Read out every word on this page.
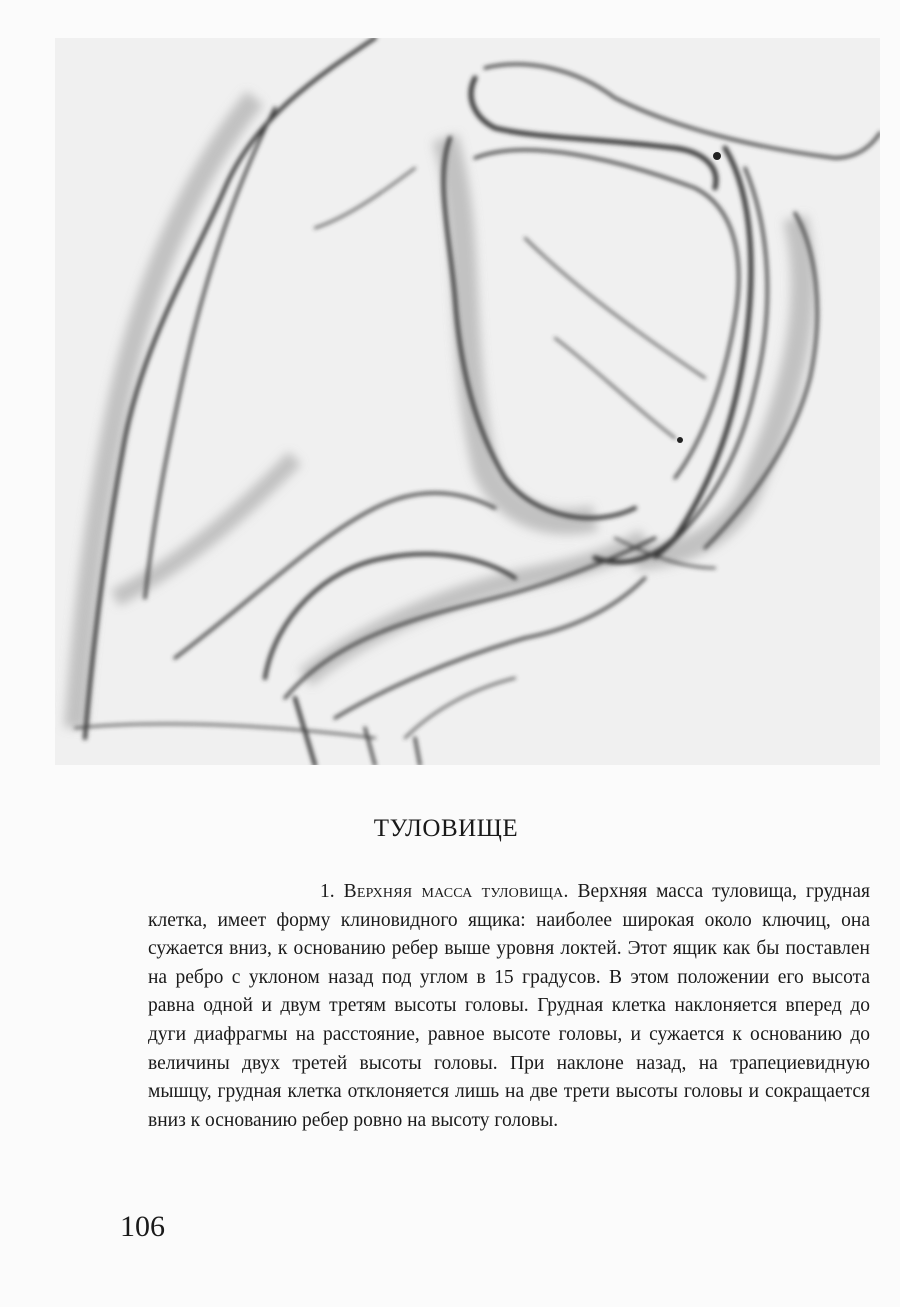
ТУЛОВИЩЕ

1. Верхняя масса туловища. Верхняя масса туловища, грудная клетка, имеет форму клиновидного ящика: наиболее широкая около ключиц, она сужается вниз, к основанию ребер выше уровня локтей. Этот ящик как бы поставлен на ребро с уклоном назад под углом в 15 градусов. В этом положении его высота равна одной и двум третям высоты головы. Грудная клетка наклоняется вперед до дуги диафрагмы на расстояние, равное высоте головы, и сужается к основанию до величины двух третей высоты головы. При наклоне назад, на трапециевидную мышцу, грудная клетка отклоняется лишь на две трети высоты головы и сокращается вниз к основанию ребер ровно на высоту головы.

106
